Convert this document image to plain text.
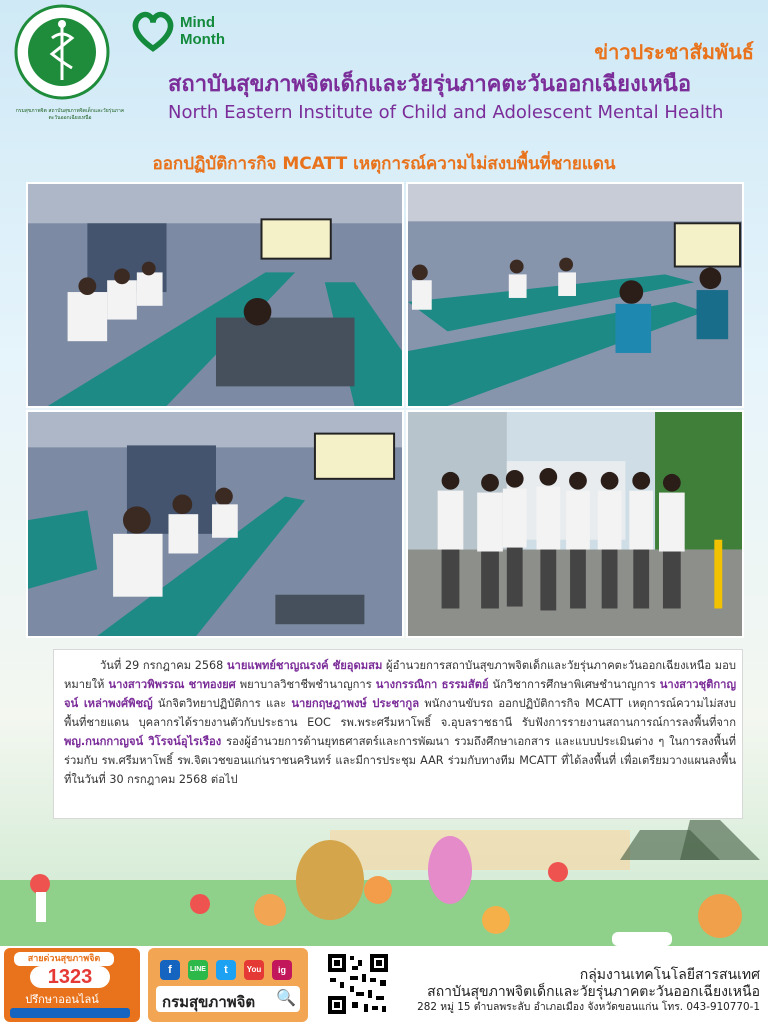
กรมสุขภาพจิต สถาบันสุขภาพจิตเด็กและวัยรุ่นภาคตะวันออกเฉียงเหนือ
Mind
Month
ข่าวประชาสัมพันธ์
สถาบันสุขภาพจิตเด็กและวัยรุ่นภาคตะวันออกเฉียงเหนือ
North Eastern Institute of Child and Adolescent Mental Health
ออกปฏิบัติการกิจ MCATT เหตุการณ์ความไม่สงบพื้นที่ชายแดน
วันที่ 29 กรกฎาคม 2568 นายแพทย์ชาญณรงค์ ชัยอุดมสม ผู้อำนวยการสถาบันสุขภาพจิตเด็กและวัยรุ่นภาคตะวันออกเฉียงเหนือ มอบหมายให้ นางสาวพิพรรณ ชาทองยศ พยาบาลวิชาชีพชำนาญการ นางกรรณิกา ธรรมสัตย์ นักวิชาการศึกษาพิเศษชำนาญการ นางสาวชุติกาญจน์ เหล่าพงศ์พิชญ์ นักจิตวิทยาปฏิบัติการ และ นายกฤษฎาพงษ์ ประชากูล พนักงานขับรถ ออกปฏิบัติการกิจ MCATT เหตุการณ์ความไม่สงบพื้นที่ชายแดน บุคลากรได้รายงานตัวกับประธาน EOC รพ.พระศรีมหาโพธิ์ จ.อุบลราชธานี รับฟังการรายงานสถานการณ์การลงพื้นที่จาก พญ.กนกกาญจน์ วิโรจน์อุไรเรือง รองผู้อำนวยการด้านยุทธศาสตร์และการพัฒนา รวมถึงศึกษาเอกสาร และแบบประเมินต่าง ๆ ในการลงพื้นที่ ร่วมกับ รพ.ศรีมหาโพธิ์ รพ.จิตเวชขอนแก่นราชนครินทร์ และมีการประชุม AAR ร่วมกับทางทีม MCATT ที่ได้ลงพื้นที่ เพื่อเตรียมวางแผนลงพื้นที่ในวันที่ 30 กรกฎาคม 2568 ต่อไป
สายด่วนสุขภาพจิต
1323
ปรึกษาออนไลน์
f	LINE	t	You	ig
กรมสุขภาพจิต 🔍
กลุ่มงานเทคโนโลยีสารสนเทศ
สถาบันสุขภาพจิตเด็กและวัยรุ่นภาคตะวันออกเฉียงเหนือ
282 หมู่ 15 ตำบลพระลับ อำเภอเมือง จังหวัดขอนแก่น โทร. 043-910770-1
